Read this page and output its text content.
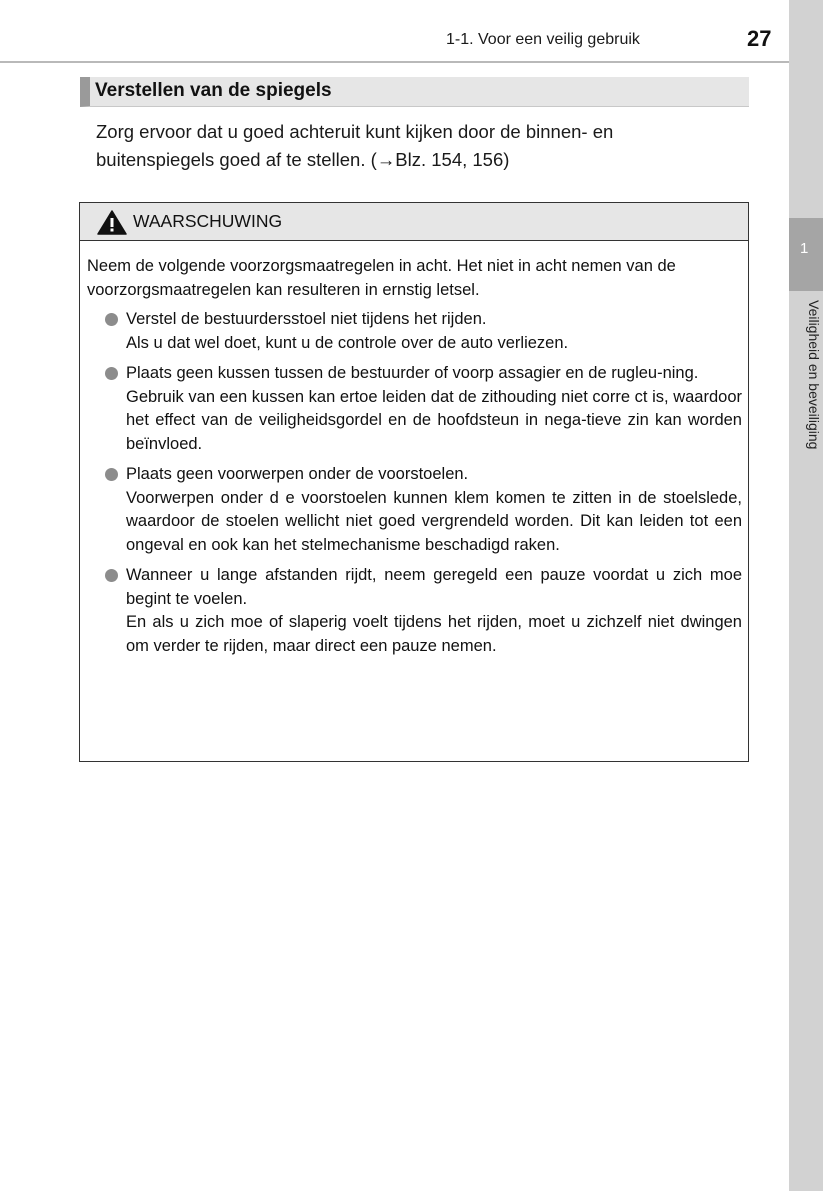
1-1. Voor een veilig gebruik	27
1
Veiligheid en beveiliging
Verstellen van de spiegels

Zorg ervoor dat u goed achteruit kunt kijken door de binnen- en
buitenspiegels goed af te stellen. (→Blz. 154, 156)

WAARSCHUWING

Neem de volgende voorzorgsmaatregelen in acht. Het niet in acht nemen van de voorzorgsmaatregelen kan resulteren in ernstig letsel.

Verstel de bestuurdersstoel niet tijdens het rijden.

Als u dat wel doet, kunt u de controle over de auto verliezen.

Plaats geen kussen tussen de bestuurder of voorp assagier en de rugleu-ning.

Gebruik van een kussen kan ertoe leiden dat de zithouding niet corre ct is, waardoor het effect van de veiligheidsgordel en de hoofdsteun in nega-tieve zin kan worden beïnvloed.

Plaats geen voorwerpen onder de voorstoelen.

Voorwerpen onder d e voorstoelen kunnen klem komen te zitten in de stoelslede, waardoor de stoelen wellicht niet goed vergrendeld worden. Dit kan leiden tot een ongeval en ook kan het stelmechanisme beschadigd raken.

Wanneer u lange afstanden rijdt, neem geregeld een pauze voordat u zich moe begint te voelen.

En als u zich moe of slaperig voelt tijdens het rijden, moet u zichzelf niet dwingen om verder te rijden, maar direct een pauze nemen.
